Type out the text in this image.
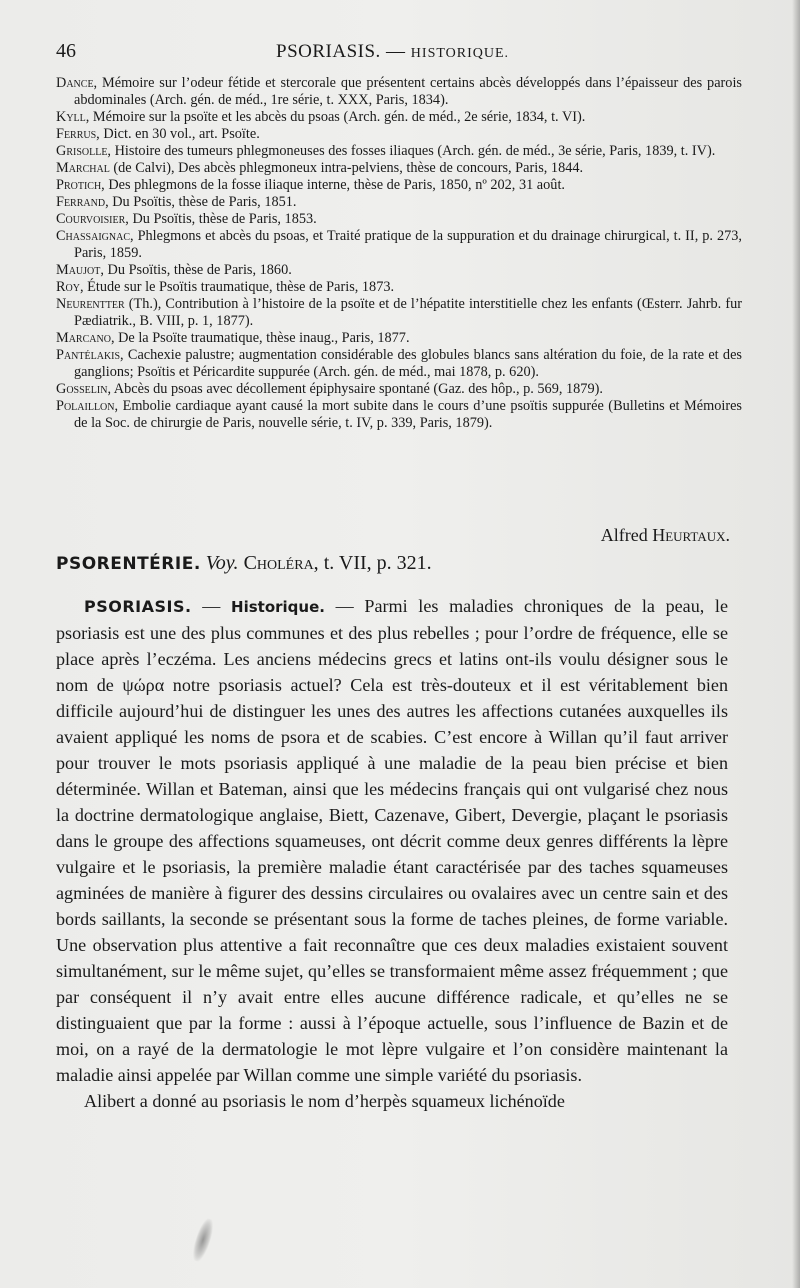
46	PSORIASIS. — HISTORIQUE.

Dance, Mémoire sur l’odeur fétide et stercorale que présentent certains abcès développés dans l’épaisseur des parois abdominales (Arch. gén. de méd., 1re série, t. XXX, Paris, 1834).

Kyll, Mémoire sur la psoïte et les abcès du psoas (Arch. gén. de méd., 2e série, 1834, t. VI).

Ferrus, Dict. en 30 vol., art. Psoïte.

Grisolle, Histoire des tumeurs phlegmoneuses des fosses iliaques (Arch. gén. de méd., 3e série, Paris, 1839, t. IV).

Marchal (de Calvi), Des abcès phlegmoneux intra-pelviens, thèse de concours, Paris, 1844.

Protich, Des phlegmons de la fosse iliaque interne, thèse de Paris, 1850, nº 202, 31 août.

Ferrand, Du Psoïtis, thèse de Paris, 1851.

Courvoisier, Du Psoïtis, thèse de Paris, 1853.

Chassaignac, Phlegmons et abcès du psoas, et Traité pratique de la suppuration et du drainage chirurgical, t. II, p. 273, Paris, 1859.

Maujot, Du Psoïtis, thèse de Paris, 1860.

Roy, Étude sur le Psoïtis traumatique, thèse de Paris, 1873.

Neurentter (Th.), Contribution à l’histoire de la psoïte et de l’hépatite interstitielle chez les enfants (Œsterr. Jahrb. fur Pædiatrik., B. VIII, p. 1, 1877).

Marcano, De la Psoïte traumatique, thèse inaug., Paris, 1877.

Pantélakis, Cachexie palustre; augmentation considérable des globules blancs sans altération du foie, de la rate et des ganglions; Psoïtis et Péricardite suppurée (Arch. gén. de méd., mai 1878, p. 620).

Gosselin, Abcès du psoas avec décollement épiphysaire spontané (Gaz. des hôp., p. 569, 1879).

Polaillon, Embolie cardiaque ayant causé la mort subite dans le cours d’une psoïtis suppurée (Bulletins et Mémoires de la Soc. de chirurgie de Paris, nouvelle série, t. IV, p. 339, Paris, 1879).

Alfred Heurtaux.
PSORENTÉRIE. Voy. Choléra, t. VII, p. 321.

PSORIASIS. — Historique. — Parmi les maladies chroniques de la peau, le psoriasis est une des plus communes et des plus rebelles ; pour l’ordre de fréquence, elle se place après l’eczéma. Les anciens médecins grecs et latins ont-ils voulu désigner sous le nom de ψώρα notre psoriasis actuel? Cela est très-douteux et il est véritablement bien difficile aujourd’hui de distinguer les unes des autres les affections cutanées auxquelles ils avaient appliqué les noms de psora et de scabies. C’est encore à Willan qu’il faut arriver pour trouver le mots psoriasis appliqué à une maladie de la peau bien précise et bien déterminée. Willan et Bateman, ainsi que les médecins français qui ont vulgarisé chez nous la doctrine dermatologique anglaise, Biett, Cazenave, Gibert, Devergie, plaçant le psoriasis dans le groupe des affections squameuses, ont décrit comme deux genres différents la lèpre vulgaire et le psoriasis, la première maladie étant caractérisée par des taches squameuses agminées de manière à figurer des dessins circulaires ou ovalaires avec un centre sain et des bords saillants, la seconde se présentant sous la forme de taches pleines, de forme variable. Une observation plus attentive a fait reconnaître que ces deux maladies existaient souvent simultanément, sur le même sujet, qu’elles se transformaient même assez fréquemment ; que par conséquent il n’y avait entre elles aucune différence radicale, et qu’elles ne se distinguaient que par la forme : aussi à l’époque actuelle, sous l’influence de Bazin et de moi, on a rayé de la dermatologie le mot lèpre vulgaire et l’on considère maintenant la maladie ainsi appelée par Willan comme une simple variété du psoriasis.

Alibert a donné au psoriasis le nom d’herpès squameux lichénoïde
